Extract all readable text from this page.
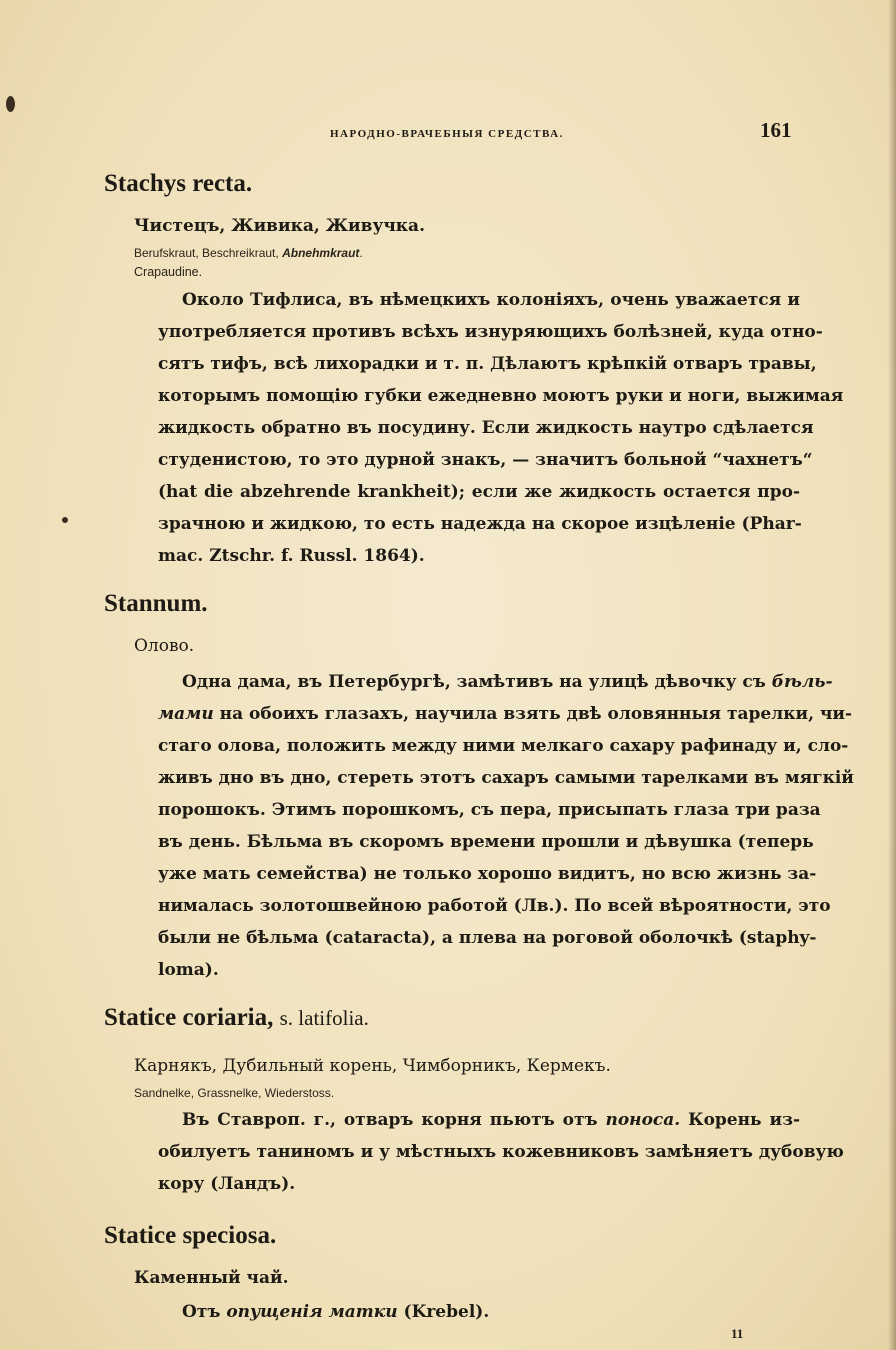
НАРОДНО-ВРАЧЕБНЫЯ СРЕДСТВА.	161
Stachys recta.
Чистецъ, Живика, Живучка.
Berufskraut, Beschreikraut, Abnehmkraut.
Crapaudine.
Около Тифлиса, въ нѣмецкихъ колоніяхъ, очень уважается и
употребляется противъ всѣхъ изнуряющихъ болѣзней, куда отно-
сятъ тифъ, всѣ лихорадки и т. п. Дѣлаютъ крѣпкій отваръ травы,
которымъ помощію губки ежедневно моютъ руки и ноги, выжимая
жидкость обратно въ посудину. Если жидкость наутро сдѣлается
студенистою, то это дурной знакъ, — значитъ больной “чахнетъ“
(hat die abzehrende krankheit); если же жидкость остается про-
зрачною и жидкою, то есть надежда на скорое изцѣленіе (Phar-
mac. Ztschr. f. Russl. 1864).
Stannum.
Олово.
Одна дама, въ Петербургѣ, замѣтивъ на улицѣ дѣвочку съ бѣль-
мами на обоихъ глазахъ, научила взять двѣ оловянныя тарелки, чи-
стаго олова, положить между ними мелкаго сахару рафинаду и, сло-
живъ дно въ дно, стереть этотъ сахаръ самыми тарелками въ мягкій
порошокъ. Этимъ порошкомъ, съ пера, присыпать глаза три раза
въ день. Бѣльма въ скоромъ времени прошли и дѣвушка (теперь
уже мать семейства) не только хорошо видитъ, но всю жизнь за-
нималась золотошвейною работой (Лв.). По всей вѣроятности, это
были не бѣльма (cataracta), а плева на роговой оболочкѣ (staphy-
loma).
Statice coriaria, s. latifolia.
Карнякъ, Дубильный корень, Чимборникъ, Кермекъ.
Sandnelke, Grassnelke, Wiederstoss.
Въ Ставроп. г., отваръ корня пьютъ отъ поноса. Корень из-
обилуетъ таниномъ и у мѣстныхъ кожевниковъ замѣняетъ дубовую
кору (Ландъ).
Statice speciosa.
Каменный чай.
Отъ опущенія матки (Krebel).
11
